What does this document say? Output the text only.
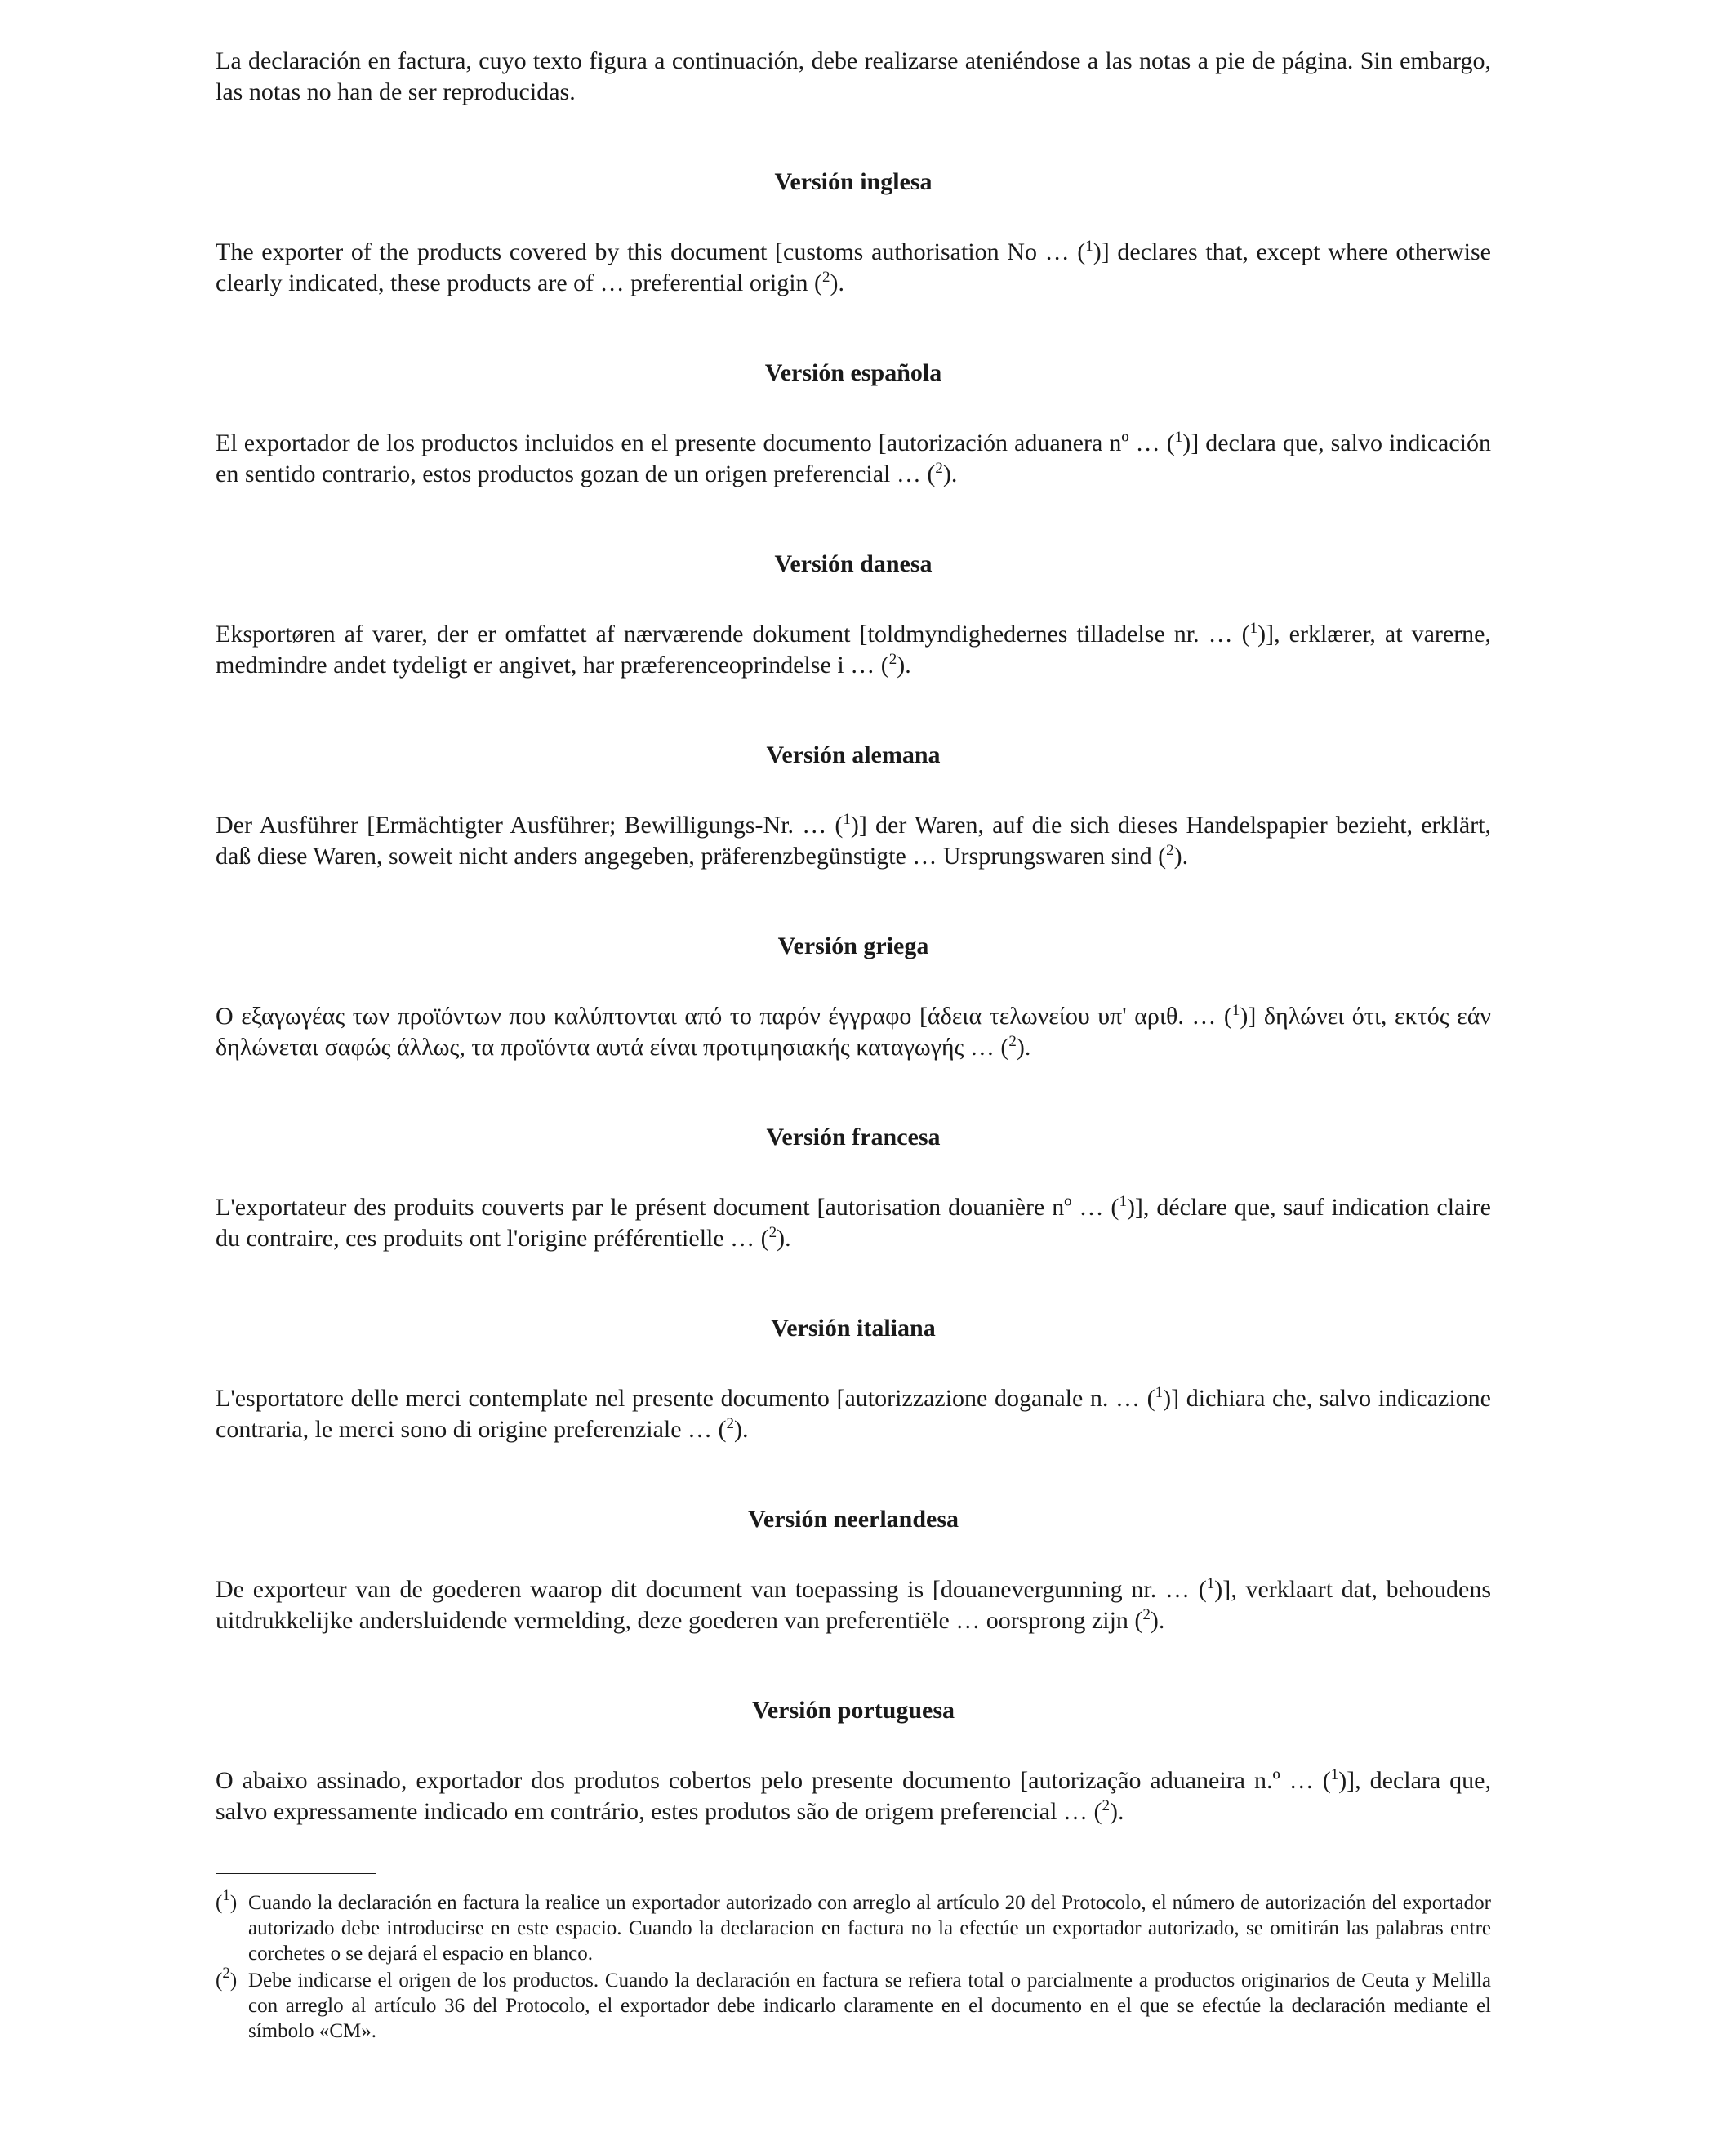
La declaración en factura, cuyo texto figura a continuación, debe realizarse ateniéndose a las notas a pie de página. Sin embargo, las notas no han de ser reproducidas.

Versión inglesa

The exporter of the products covered by this document [customs authorisation No … ($^1$)] declares that, except where otherwise clearly indicated, these products are of … preferential origin ($^2$).

Versión española

El exportador de los productos incluidos en el presente documento [autorización aduanera nº … ($^1$)] declara que, salvo indicación en sentido contrario, estos productos gozan de un origen preferencial … ($^2$).

Versión danesa

Eksportøren af varer, der er omfattet af nærværende dokument [toldmyndighedernes tilladelse nr. … ($^1$)], erklærer, at varerne, medmindre andet tydeligt er angivet, har præferenceoprindelse i … ($^2$).

Versión alemana

Der Ausführer [Ermächtigter Ausführer; Bewilligungs-Nr. … ($^1$)] der Waren, auf die sich dieses Handelspapier bezieht, erklärt, daß diese Waren, soweit nicht anders angegeben, präferenzbegünstigte … Ursprungswaren sind ($^2$).

Versión griega

Ο εξαγωγέας των προϊόντων που καλύπτονται από το παρόν έγγραφο [άδεια τελωνείου υπ' αριθ. … ($^1$)] δηλώνει ότι, εκτός εάν δηλώνεται σαφώς άλλως, τα προϊόντα αυτά είναι προτιμησιακής καταγωγής … ($^2$).

Versión francesa

L'exportateur des produits couverts par le présent document [autorisation douanière nº … ($^1$)], déclare que, sauf indication claire du contraire, ces produits ont l'origine préférentielle … ($^2$).

Versión italiana

L'esportatore delle merci contemplate nel presente documento [autorizzazione doganale n. … ($^1$)] dichiara che, salvo indicazione contraria, le merci sono di origine preferenziale … ($^2$).

Versión neerlandesa

De exporteur van de goederen waarop dit document van toepassing is [douanevergunning nr. … ($^1$)], verklaart dat, behoudens uitdrukkelijke andersluidende vermelding, deze goederen van preferentiële … oorsprong zijn ($^2$).

Versión portuguesa

O abaixo assinado, exportador dos produtos cobertos pelo presente documento [autorização aduaneira n.º … ($^1$)], declara que, salvo expressamente indicado em contrário, estes produtos são de origem preferencial … ($^2$).

($^1$) Cuando la declaración en factura la realice un exportador autorizado con arreglo al artículo 20 del Protocolo, el número de autorización del exportador autorizado debe introducirse en este espacio. Cuando la declaracion en factura no la efectúe un exportador autorizado, se omitirán las palabras entre corchetes o se dejará el espacio en blanco.
($^2$) Debe indicarse el origen de los productos. Cuando la declaración en factura se refiera total o parcialmente a productos originarios de Ceuta y Melilla con arreglo al artículo 36 del Protocolo, el exportador debe indicarlo claramente en el documento en el que se efectúe la declaración mediante el símbolo «CM».
